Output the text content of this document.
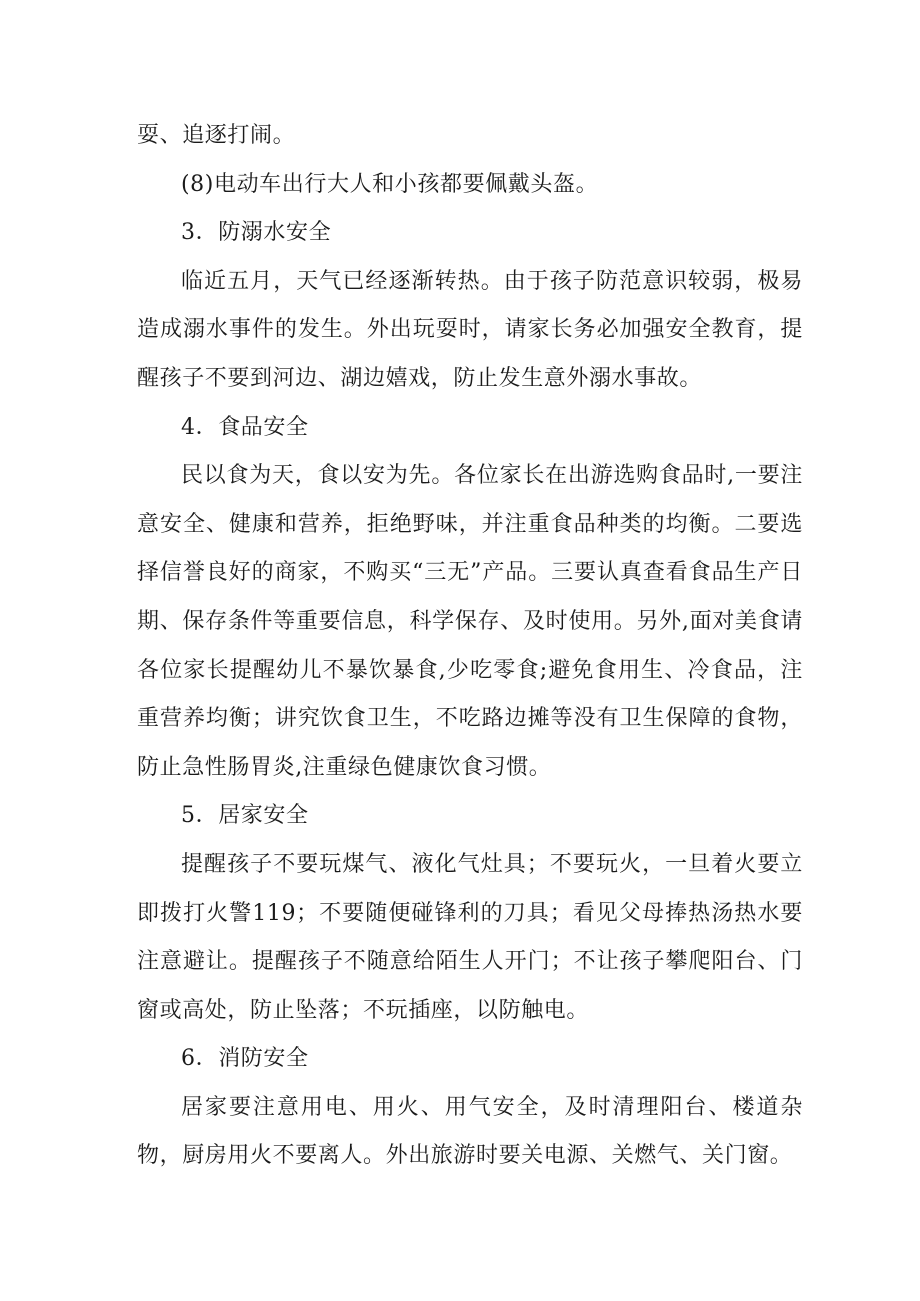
耍、追逐打闹。

(8)电动车出行大人和小孩都要佩戴头盔。

3．防溺水安全

临近五月，天气已经逐渐转热。由于孩子防范意识较弱，极易造成溺水事件的发生。外出玩耍时，请家长务必加强安全教育，提醒孩子不要到河边、湖边嬉戏，防止发生意外溺水事故。

4．食品安全

民以食为天，食以安为先。各位家长在出游选购食品时,一要注意安全、健康和营养，拒绝野味，并注重食品种类的均衡。二要选择信誉良好的商家，不购买“三无”产品。三要认真查看食品生产日期、保存条件等重要信息，科学保存、及时使用。另外,面对美食请各位家长提醒幼儿不暴饮暴食,少吃零食;避免食用生、冷食品，注重营养均衡；讲究饮食卫生，不吃路边摊等没有卫生保障的食物，防止急性肠胃炎,注重绿色健康饮食习惯。

5．居家安全

提醒孩子不要玩煤气、液化气灶具；不要玩火，一旦着火要立即拨打火警119；不要随便碰锋利的刀具；看见父母捧热汤热水要注意避让。提醒孩子不随意给陌生人开门；不让孩子攀爬阳台、门窗或高处，防止坠落；不玩插座，以防触电。

6．消防安全

居家要注意用电、用火、用气安全，及时清理阳台、楼道杂物，厨房用火不要离人。外出旅游时要关电源、关燃气、关门窗。
